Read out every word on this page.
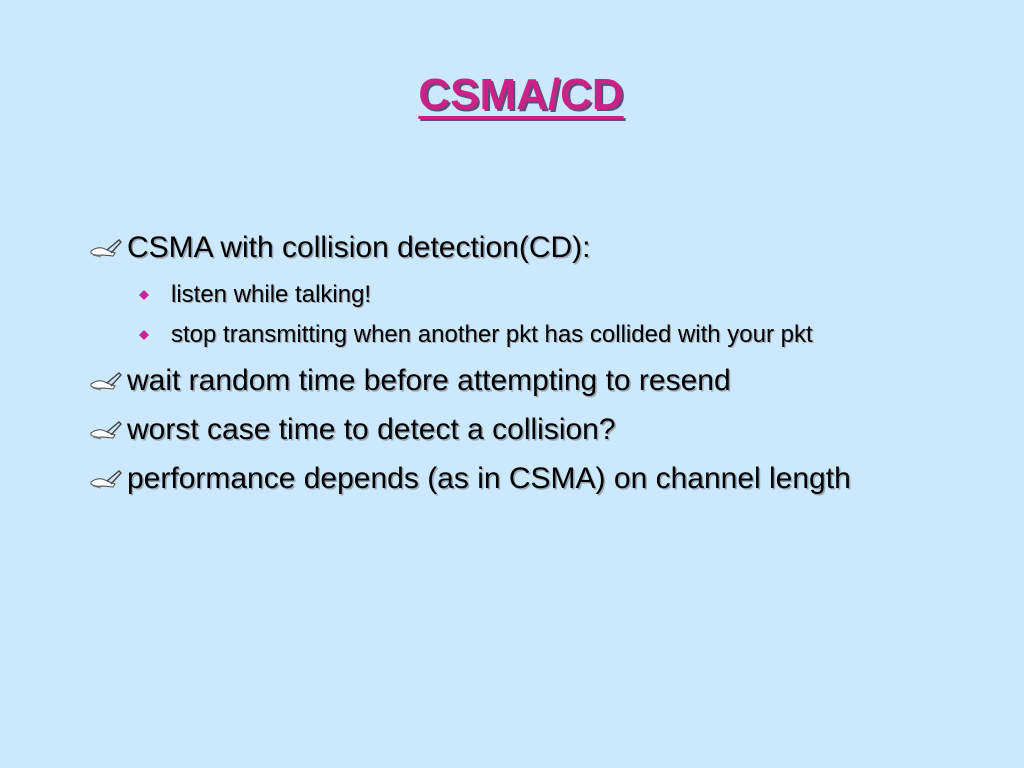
CSMA/CD
CSMA with collision detection(CD):
listen while talking!
stop transmitting when another pkt has collided with your pkt
wait random time before attempting to resend
worst case time to detect a collision?
performance depends (as in CSMA) on channel length
